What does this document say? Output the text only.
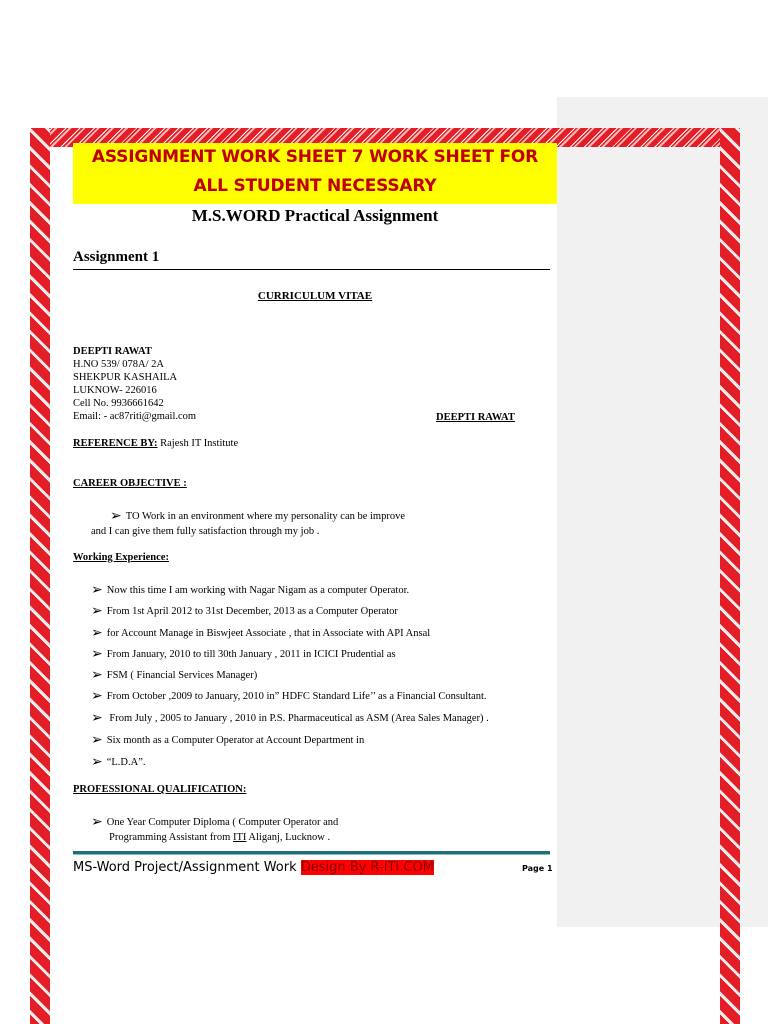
ASSIGNMENT WORK SHEET 7 WORK SHEET FOR
ALL STUDENT NECESSARY
M.S.WORD Practical Assignment
Assignment 1
CURRICULUM VITAE
DEEPTI RAWAT
H.NO 539/ 078A/ 2A
SHEKPUR KASHAILA
LUKNOW- 226016
Cell No. 9936661642
Email: - ac87riti@gmail.com	DEEPTI RAWAT
REFERENCE BY: Rajesh IT Institute
CAREER OBJECTIVE :
➢ TO Work in an environment where my personality can be improve
and I can give them fully satisfaction through my job .
Working Experience:
➢ Now this time I am working with Nagar Nigam as a computer Operator.
➢ From 1st April 2012 to 31st December, 2013 as a Computer Operator
➢ for Account Manage in Biswjeet Associate , that in Associate with API Ansal
➢ From January, 2010 to till 30th January , 2011 in ICICI Prudential as
➢ FSM ( Financial Services Manager)
➢ From October ,2009 to January, 2010 in” HDFC Standard Life’’ as a Financial Consultant.
➢ From July , 2005 to January , 2010 in P.S. Pharmaceutical as ASM (Area Sales Manager) .
➢ Six month as a Computer Operator at Account Department in
➢ “L.D.A”.
PROFESSIONAL QUALIFICATION:
➢ One Year Computer Diploma ( Computer Operator and
Programming Assistant from ITI Aliganj, Lucknow .
MS-Word Project/Assignment Work Design By R-ITI.COM	Page 1
